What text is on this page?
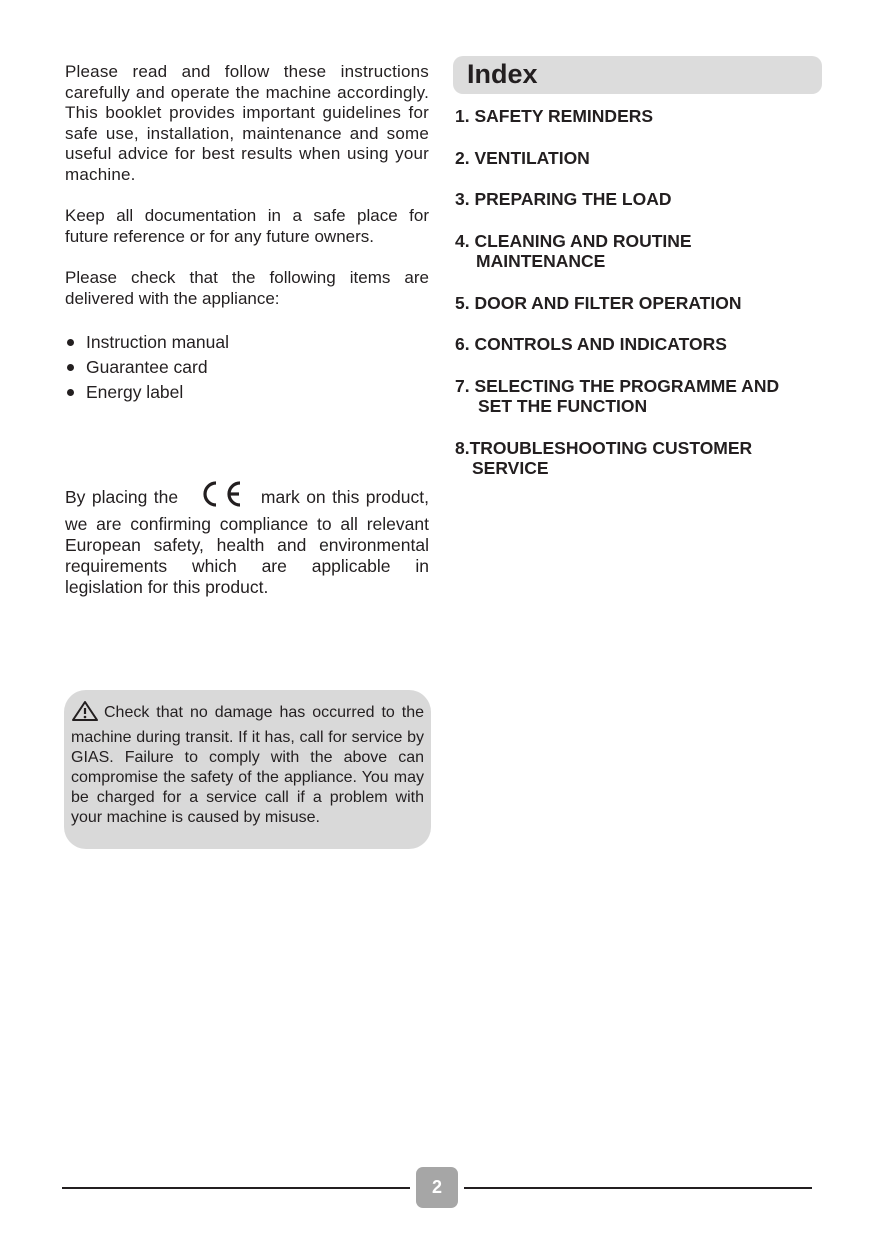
Please read and follow these instructions carefully and operate the machine accordingly. This booklet provides important guidelines for safe use, installation, maintenance and some useful advice for best results when using your machine.

Keep all documentation in a safe place for future reference or for any future owners.

Please check that the following items are delivered with the appliance:

Instruction manual
Guarantee card
Energy label

By placing the	mark on this product, we are confirming compliance to all relevant European safety, health and environmental requirements which are applicable in legislation for this product.

Check that no damage has occurred to the machine during transit. If it has, call for service by GIAS. Failure to comply with the above can compromise the safety of the appliance. You may be charged for a service call if a problem with your machine is caused by misuse.
Index
1. SAFETY REMINDERS
2. VENTILATION
3. PREPARING THE LOAD
4. CLEANING AND ROUTINE
MAINTENANCE
5. DOOR AND FILTER OPERATION
6. CONTROLS AND INDICATORS
7. SELECTING THE PROGRAMME AND
SET THE FUNCTION
8.TROUBLESHOOTING CUSTOMER
SERVICE
2
